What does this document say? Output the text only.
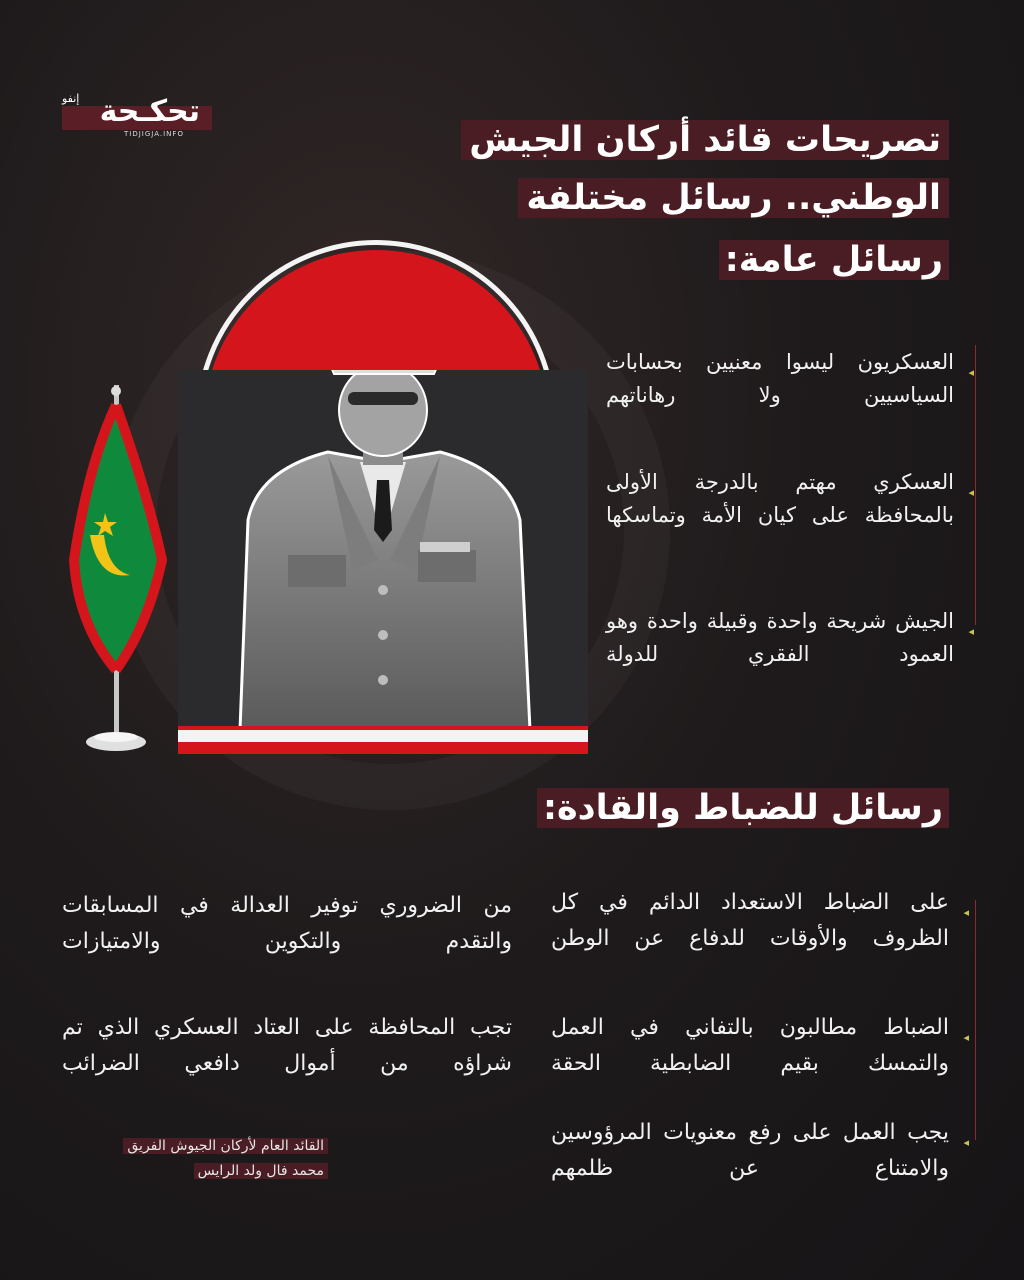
إنفو تحكـحة
TIDJIGJA.INFO	تصريحات قائد أركان الجيش
الوطني.. رسائل مختلفة
رسائل عامة:
◂
العسكريون ليسوا معنيين بحسابات السياسيين ولا رهاناتهم
◂
العسكري مهتم بالدرجة الأولى بالمحافظة على كيان الأمة وتماسكها
◂
الجيش شريحة واحدة وقبيلة واحدة وهو العمود الفقري للدولة
رسائل للضباط والقادة:
◂
على الضباط الاستعداد الدائم في كل الظروف والأوقات للدفاع عن الوطن
◂
الضباط مطالبون بالتفاني في العمل والتمسك بقيم الضابطية الحقة
◂
يجب العمل على رفع معنويات المرؤوسين والامتناع عن ظلمهم
من الضروري توفير العدالة في المسابقات والتقدم والتكوين والامتيازات
تجب المحافظة على العتاد العسكري الذي تم شراؤه من أموال دافعي الضرائب
القائد العام لأركان الجيوش الفريق
محمد فال ولد الرايس
